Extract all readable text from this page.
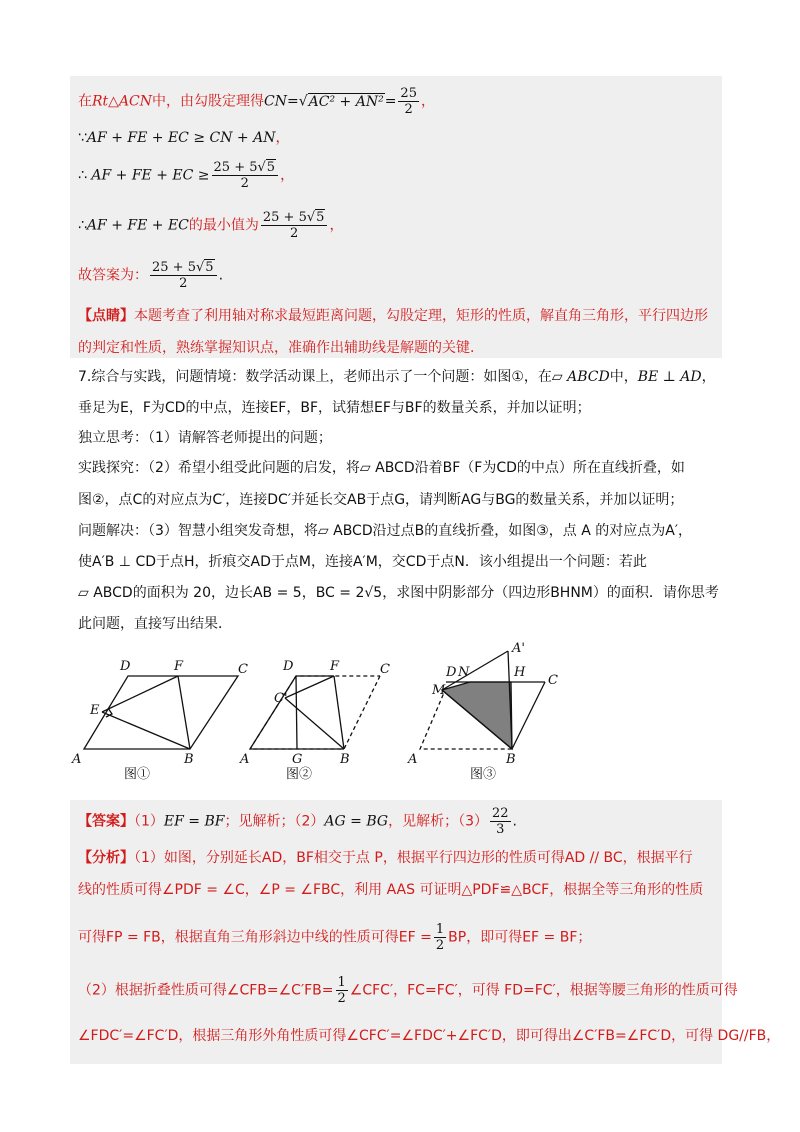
在Rt△ACN中，由勾股定理得$CN=√AC^2 + AN^2= \frac{25}{2}$ ，
∵AF + FE + EC ≥ CN + AN，
∴ AF + FE + EC ≥ $\frac{25 + 5√5}{2}$ ，
∴AF + FE + EC的最小值为 $\frac{25 + 5√5}{2}$ ，
故答案为： $\frac{25 + 5√5}{2}$ .
【点睛】本题考查了利用轴对称求最短距离问题，勾股定理，矩形的性质，解直角三角形，平行四边形
的判定和性质，熟练掌握知识点，准确作出辅助线是解题的关键.
7.综合与实践，问题情境：数学活动课上，老师出示了一个问题：如图①，在▱ ABCD中，BE ⊥ AD，
垂足为E，F为CD的中点，连接EF，BF，试猜想EF与BF的数量关系，并加以证明；
独立思考：（1）请解答老师提出的问题；
实践探究：（2）希望小组受此问题的启发，将▱ ABCD沿着BF（F为CD的中点）所在直线折叠，如
图②，点C的对应点为C′，连接DC′并延长交AB于点G，请判断AG与BG的数量关系，并加以证明；
问题解决：（3）智慧小组突发奇想，将▱ ABCD沿过点B的直线折叠，如图③，点 A 的对应点为A′，
使A′B ⊥ CD于点H，折痕交AD于点M，连接A′M，交CD于点N．该小组提出一个问题：若此
▱ ABCD的面积为 20，边长AB = 5，BC = 2√5，求图中阴影部分（四边形BHNM）的面积．请你思考
此问题，直接写出结果．
A	B
C
D
E
F
图①
A	B
C
D	F
G
C'
图②
A	B
C
D N
M
H
A'
图③
【答案】（1）EF = BF；见解析；（2）AG = BG，见解析；$(3) \frac{22}{3}$ .
【分析】（1）如图，分别延长AD，BF相交于点 P，根据平行四边形的性质可得AD // BC，根据平行
线的性质可得∠PDF = ∠C，∠P = ∠FBC，利用 AAS 可证明△PDF≌△BCF，根据全等三角形的性质
可得FP = FB，根据直角三角形斜边中线的性质可得EF = $\frac{1}{2}$ BP，即可得EF = BF；
（2）根据折叠性质可得∠CFB=∠C′FB= $\frac{1}{2}$ ∠CFC′，FC=FC′，可得 FD=FC′，根据等腰三角形的性质可得
∠FDC′=∠FC′D，根据三角形外角性质可得∠CFC′=∠FDC′+∠FC′D，即可得出∠C′FB=∠FC′D，可得 DG//FB，
